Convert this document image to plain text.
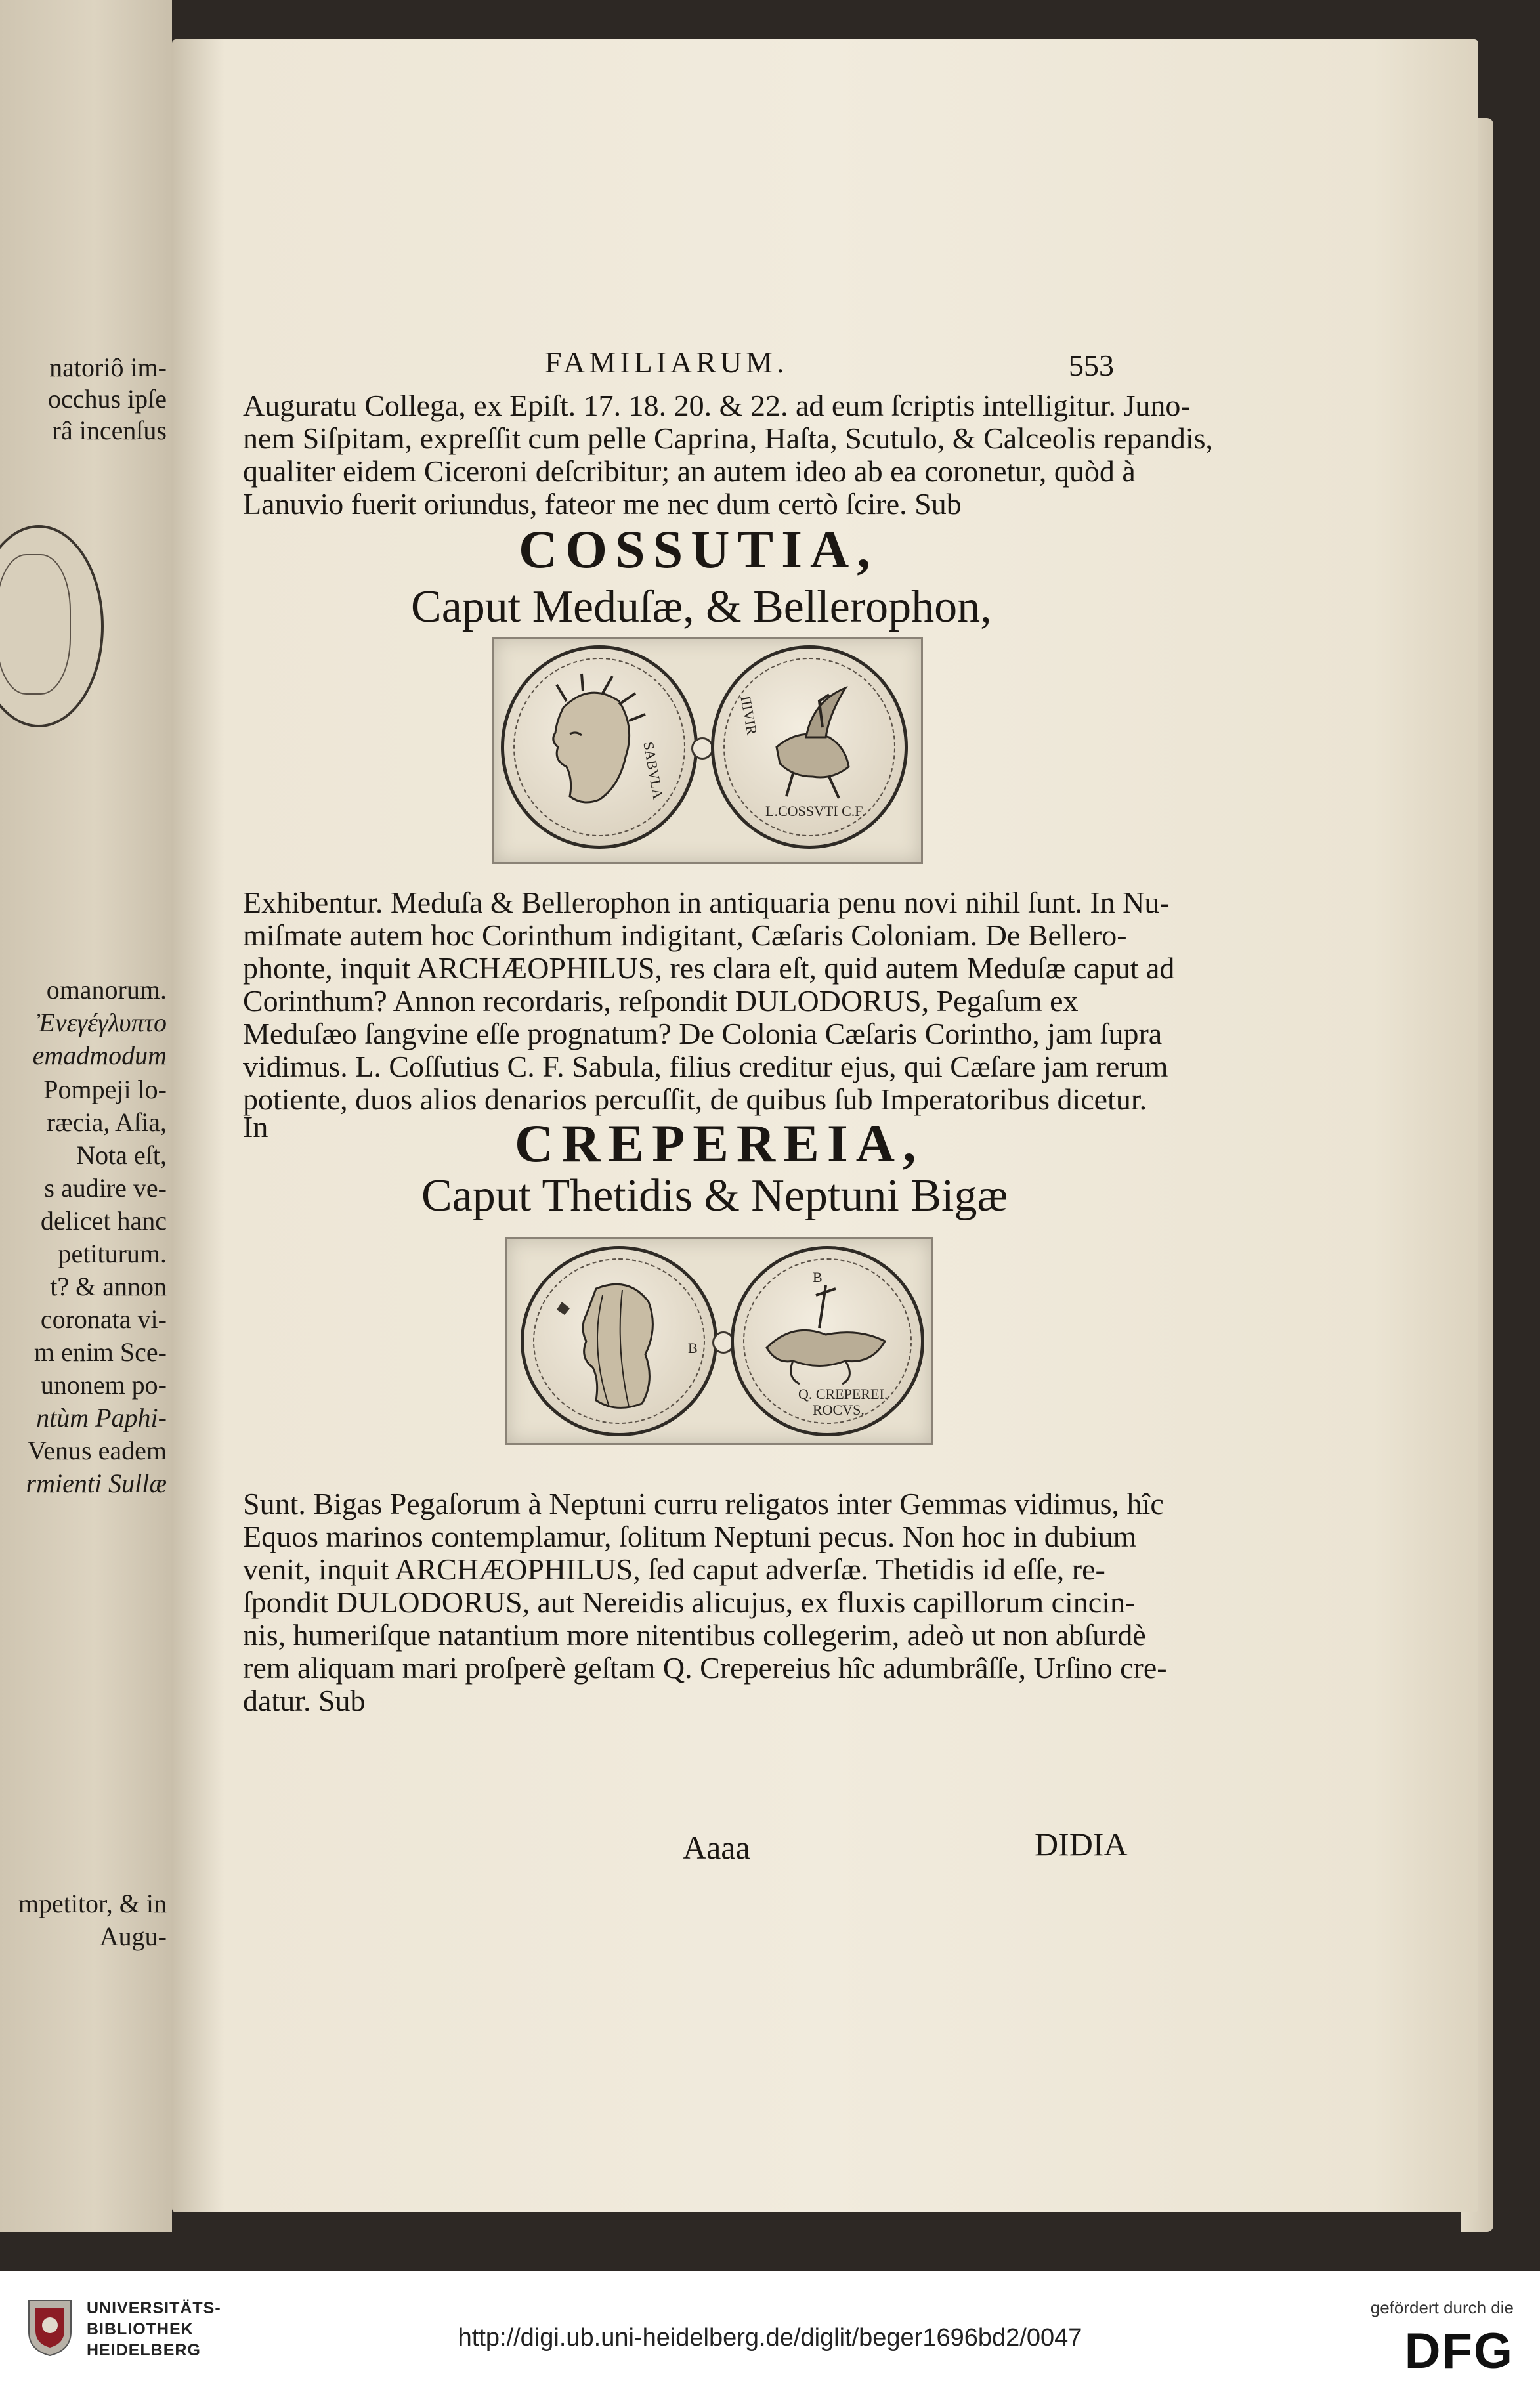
natoriô im-
occhus ipſe
râ incenſus
omanorum.
Ἐνεγέγλυπτο
emadmodum
Pompeji lo-
ræcia, Aſia,
Nota eſt,
s audire ve-
delicet hanc
petiturum.
t? & annon
coronata vi-
m enim Sce-
unonem po-
ntùm Paphi-
Venus eadem
rmienti Sullæ
mpetitor, & in
Augu-
FAMILIARUM.	553
Auguratu Collega, ex Epiſt. 17. 18. 20. & 22. ad eum ſcriptis intelligitur. Juno-
nem Siſpitam, expreſſit cum pelle Caprina, Haſta, Scutulo, & Calceolis repandis,
qualiter eidem Ciceroni deſcribitur; an autem ideo ab ea coronetur, quòd à
Lanuvio fuerit oriundus, fateor me nec dum certò ſcire. Sub
COSSUTIA,
Caput Meduſæ, & Bellerophon,
SABVLA
IIIVIR
L.COSSVTI C.F.
Exhibentur. Meduſa & Bellerophon in antiquaria penu novi nihil ſunt. In Nu-
miſmate autem hoc Corinthum indigitant, Cæſaris Coloniam. De Bellero-
phonte, inquit ARCHÆOPHILUS, res clara eſt, quid autem Meduſæ caput ad
Corinthum? Annon recordaris, reſpondit DULODORUS, Pegaſum ex
Meduſæo ſangvine eſſe prognatum? De Colonia Cæſaris Corintho, jam ſupra
vidimus. L. Coſſutius C. F. Sabula, filius creditur ejus, qui Cæſare jam rerum
potiente, duos alios denarios percuſſit, de quibus ſub Imperatoribus dicetur.
In	CREPEREIA,
Caput Thetidis & Neptuni Bigæ
B
B
Q. CREPEREI.
ROCVS.
Sunt. Bigas Pegaſorum à Neptuni curru religatos inter Gemmas vidimus, hîc
Equos marinos contemplamur, ſolitum Neptuni pecus. Non hoc in dubium
venit, inquit ARCHÆOPHILUS, ſed caput adverſæ. Thetidis id eſſe, re-
ſpondit DULODORUS, aut Nereidis alicujus, ex fluxis capillorum cincin-
nis, humeriſque natantium more nitentibus collegerim, adeò ut non abſurdè
rem aliquam mari proſperè geſtam Q. Crepereius hîc adumbrâſſe, Urſino cre-
datur. Sub
Aaaa	DIDIA
UNIVERSITÄTS-
BIBLIOTHEK
HEIDELBERG	http://digi.ub.uni-heidelberg.de/diglit/beger1696bd2/0047
gefördert durch die
DFG
